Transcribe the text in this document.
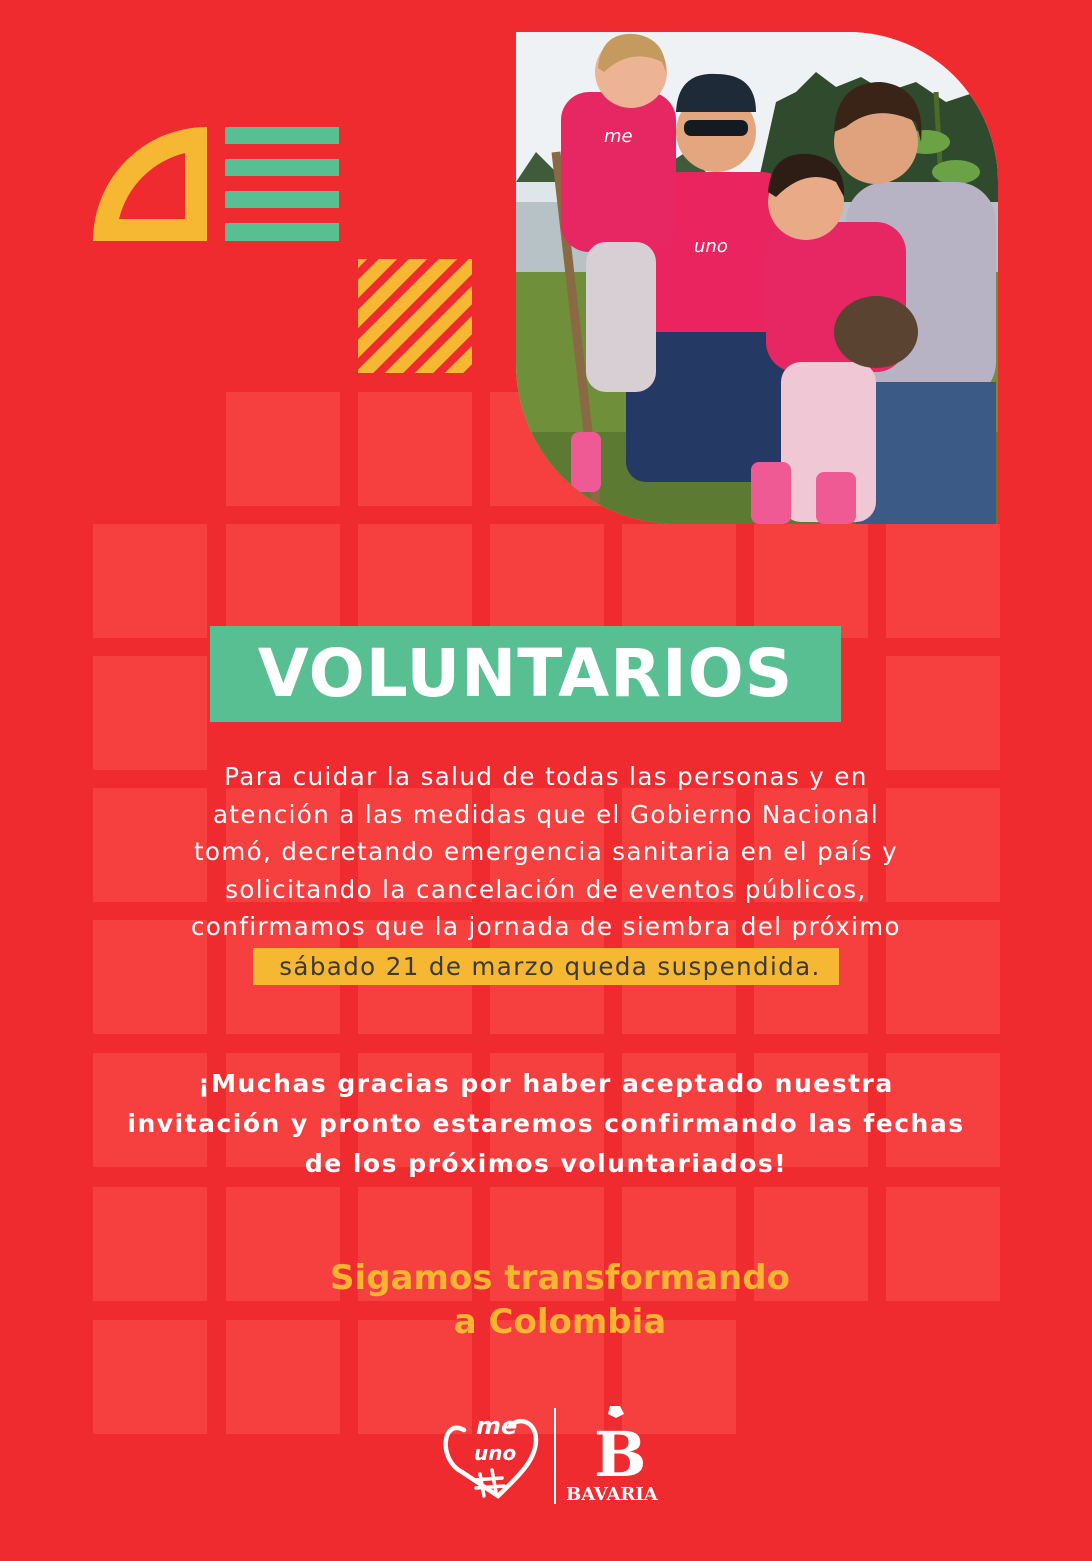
me
uno
VOLUNTARIOS

Para cuidar la salud de todas las personas y en
atención a las medidas que el Gobierno Nacional
tomó, decretando emergencia sanitaria en el país y
solicitando la cancelación de eventos públicos,
confirmamos que la jornada de siembra del próximo
sábado 21 de marzo queda suspendida.

¡Muchas gracias por haber aceptado nuestra
invitación y pronto estaremos confirmando las fechas
de los próximos voluntariados!

Sigamos transformando
a Colombia

me
uno B
BAVARIA
